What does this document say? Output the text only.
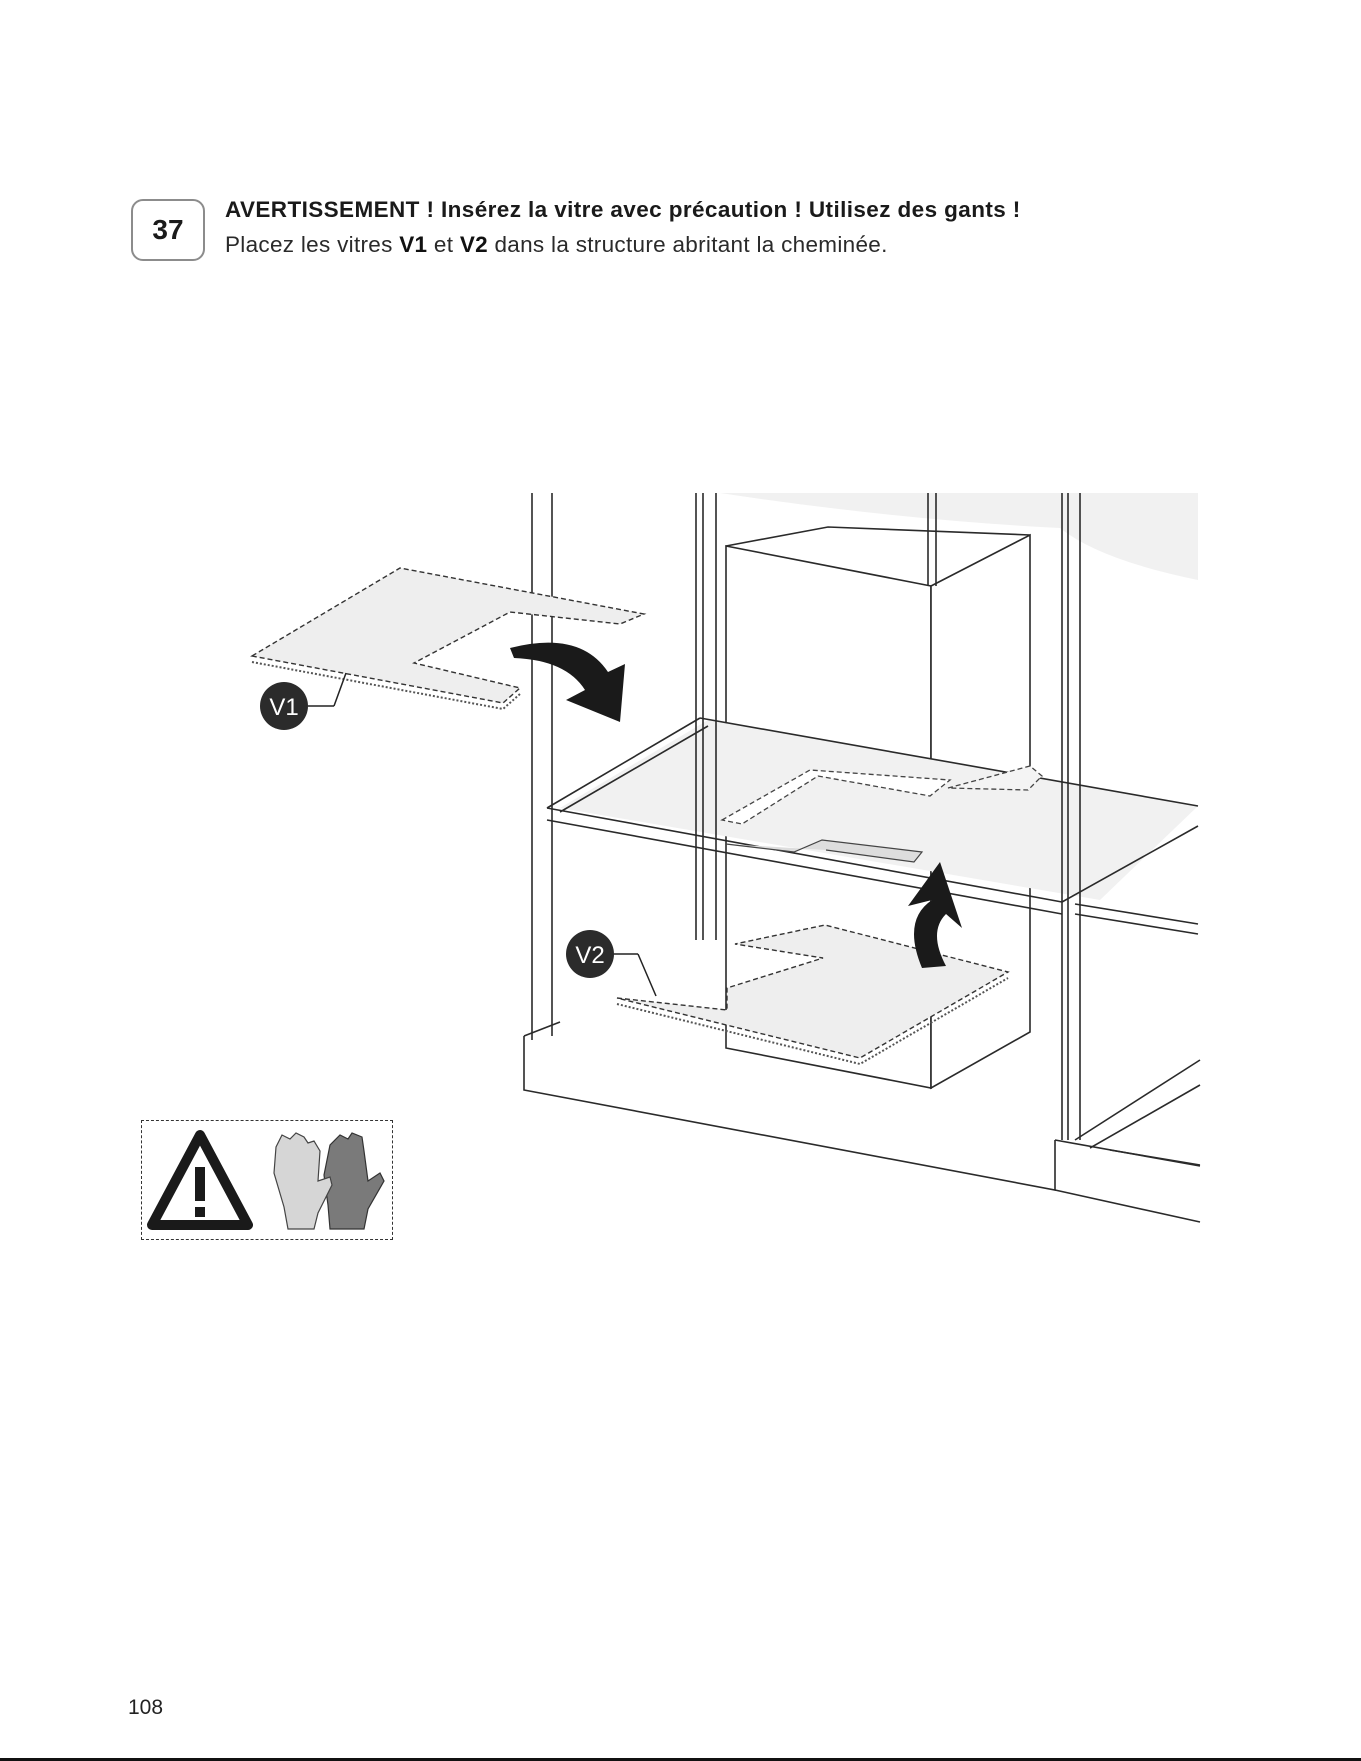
37
AVERTISSEMENT ! Insérez la vitre avec précaution ! Utilisez des gants !
Placez les vitres V1 et V2 dans la structure abritant la cheminée.
V1
V2
108
